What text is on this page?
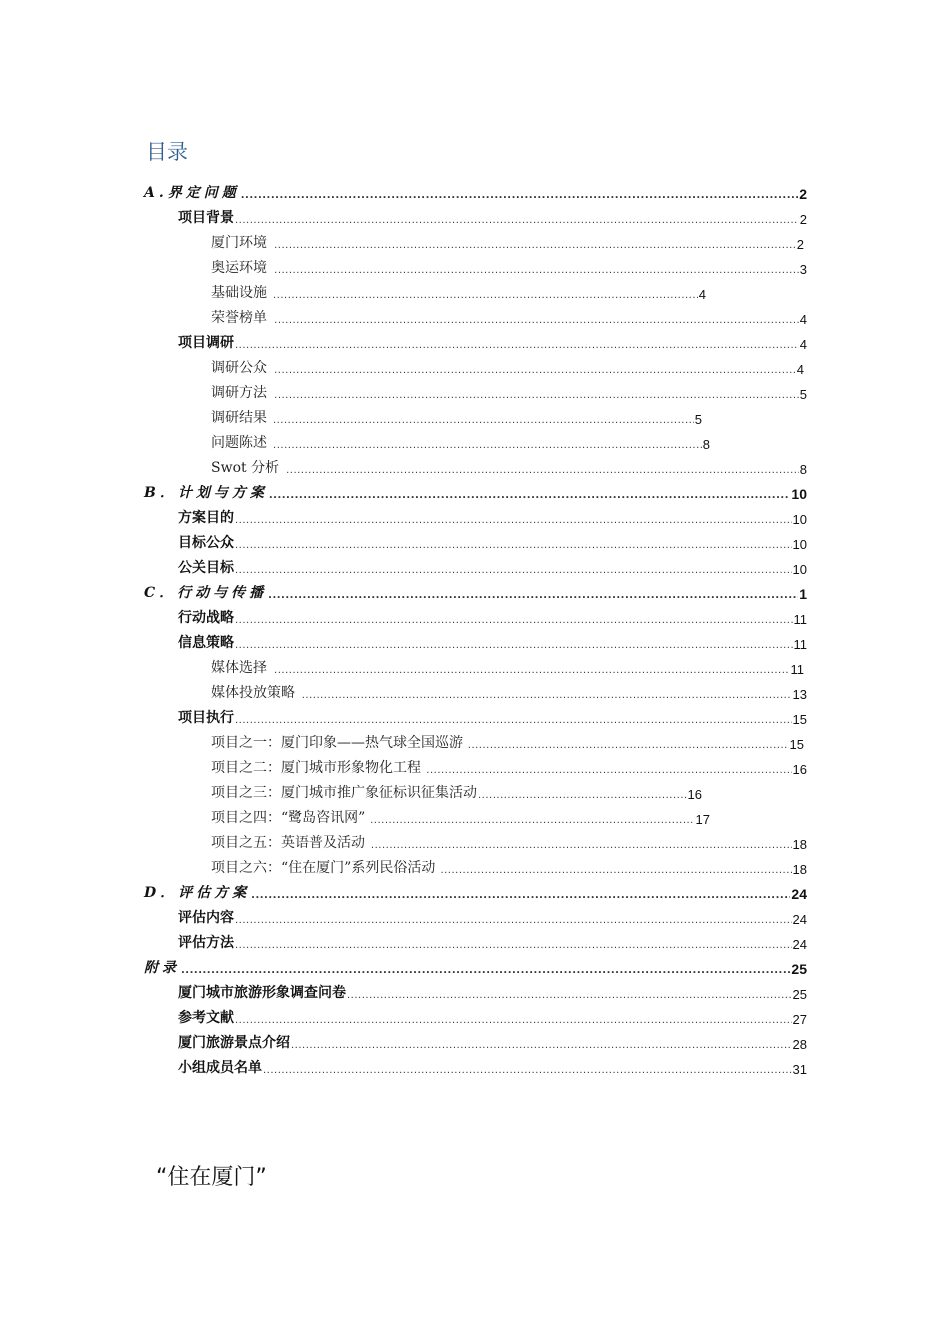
目录
A.界定问题 .....	2
项目背景 .....	2
厦门环境 .....	2
奥运环境 .....	3
基础设施 .....	4
荣誉榜单 .....	4
项目调研 .....	4
调研公众 .....	4
调研方法 .....	5
调研结果 .....	5
问题陈述 .....	8
Swot 分析 .....	8
B．计划与方案 .....	10
方案目的 .....	10
目标公众 .....	10
公关目标 .....	10
C．行动与传播 .....	1
行动战略 .....	11
信息策略 .....	11
媒体选择 .....	11
媒体投放策略 .....	13
项目执行 .....	15
项目之一：厦门印象——热气球全国巡游 .....	15
项目之二：厦门城市形象物化工程 .....	16
项目之三：厦门城市推广象征标识征集活动 .....	16
项目之四：“鹭岛咨讯网” .....	17
项目之五：英语普及活动 .....	18
项目之六：“住在厦门”系列民俗活动 .....	18
D．评估方案 .....	24
评估内容 .....	24
评估方法 .....	24
附录 .....	25
厦门城市旅游形象调查问卷 .....	25
参考文献 .....	27
厦门旅游景点介绍 .....	28
小组成员名单 .....	31
“住在厦门”
